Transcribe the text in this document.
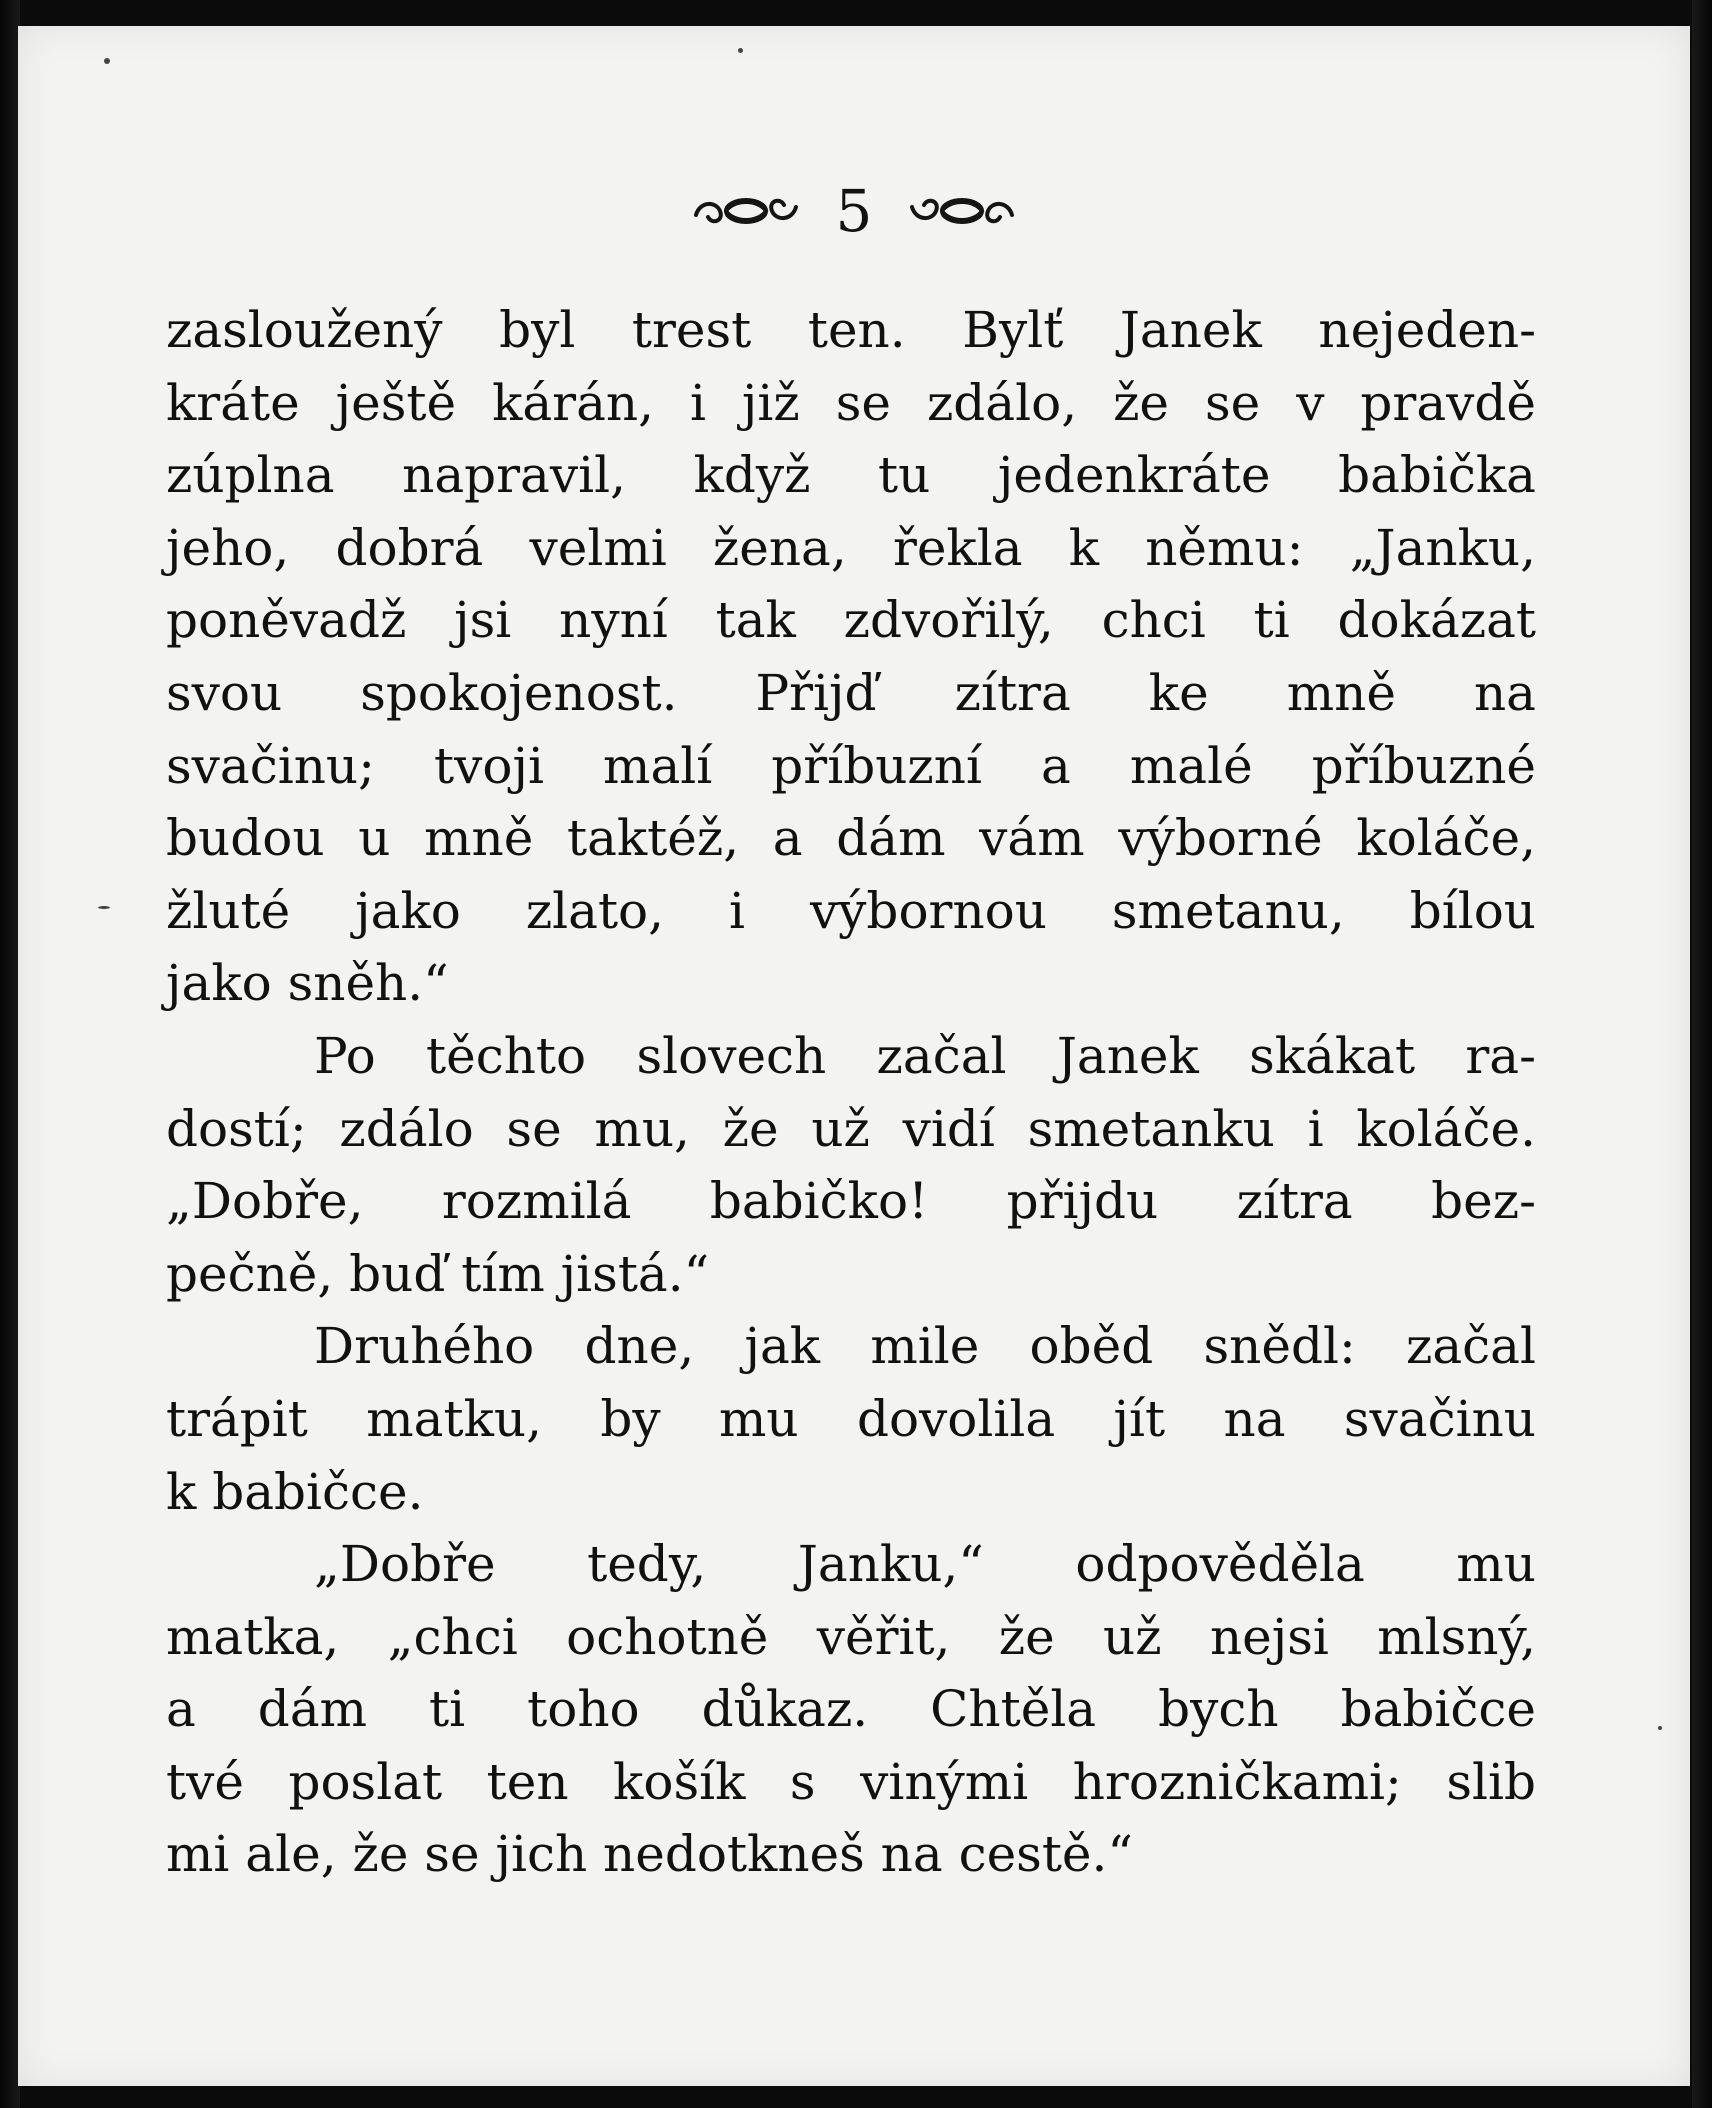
5
zasloužený byl trest ten. Bylť Janek nejeden-
kráte ještě kárán, i již se zdálo, že se v pravdě
zúplna napravil, když tu jedenkráte babička
jeho, dobrá velmi žena, řekla k němu: „Janku,
poněvadž jsi nyní tak zdvořilý, chci ti dokázat
svou spokojenost. Přijď zítra ke mně na
svačinu; tvoji malí příbuzní a malé příbuzné
budou u mně taktéž, a dám vám výborné koláče,
žluté jako zlato, i výbornou smetanu, bílou
jako sněh.“
Po těchto slovech začal Janek skákat ra-
dostí; zdálo se mu, že už vidí smetanku i koláče.
„Dobře, rozmilá babičko! přijdu zítra bez-
pečně, buď tím jistá.“
Druhého dne, jak mile oběd snědl: začal
trápit matku, by mu dovolila jít na svačinu
k babičce.
„Dobře tedy, Janku,“ odpověděla mu
matka, „chci ochotně věřit, že už nejsi mlsný,
a dám ti toho důkaz. Chtěla bych babičce
tvé poslat ten košík s vinými hrozničkami; slib
mi ale, že se jich nedotkneš na cestě.“
